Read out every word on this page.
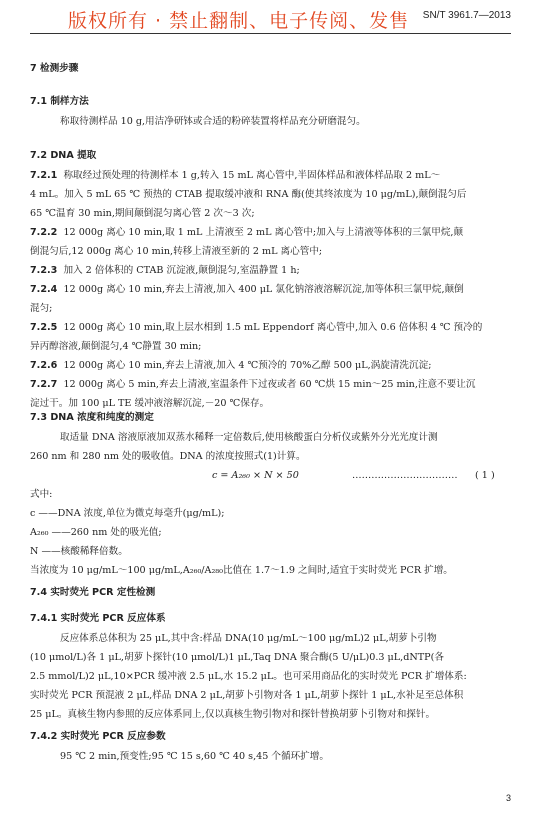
版权所有 · 禁止翻制、电子传阅、发售 SN/T 3961.7—2013
7 检测步骤
7.1 制样方法
称取待测样品 10 g,用洁净研钵或合适的粉碎装置将样品充分研磨混匀。
7.2 DNA 提取
7.2.1 称取经过预处理的待测样本 1 g,转入 15 mL 离心管中,半固体样品和液体样品取 2 mL～
4 mL。加入 5 mL 65 ℃ 预热的 CTAB 提取缓冲液和 RNA 酶(使其终浓度为 10 μg/mL),颠倒混匀后
65 ℃温育 30 min,期间颠倒混匀离心管 2 次～3 次;
7.2.2 12 000g 离心 10 min,取 1 mL 上清液至 2 mL 离心管中;加入与上清液等体积的三氯甲烷,颠
倒混匀后,12 000g 离心 10 min,转移上清液至新的 2 mL 离心管中;
7.2.3 加入 2 倍体积的 CTAB 沉淀液,颠倒混匀,室温静置 1 h;
7.2.4 12 000g 离心 10 min,弃去上清液,加入 400 μL 氯化钠溶液溶解沉淀,加等体积三氯甲烷,颠倒
混匀;
7.2.5 12 000g 离心 10 min,取上层水相到 1.5 mL Eppendorf 离心管中,加入 0.6 倍体积 4 ℃ 预冷的
异丙醇溶液,颠倒混匀,4 ℃静置 30 min;
7.2.6 12 000g 离心 10 min,弃去上清液,加入 4 ℃预冷的 70%乙醇 500 μL,涡旋清洗沉淀;
7.2.7 12 000g 离心 5 min,弃去上清液,室温条件下过夜或者 60 ℃烘 15 min～25 min,注意不要让沉
淀过干。加 100 μL TE 缓冲液溶解沉淀,－20 ℃保存。
7.3 DNA 浓度和纯度的测定
取适量 DNA 溶液原液加双蒸水稀释一定倍数后,使用核酸蛋白分析仪或紫外分光光度计测
260 nm 和 280 nm 处的吸收值。DNA 的浓度按照式(1)计算。
c = A₂₆₀ × N × 50	…………………………… ( 1 )
式中:
c ——DNA 浓度,单位为微克每毫升(μg/mL);
A₂₆₀ ——260 nm 处的吸光值;
N ——核酸稀释倍数。
当浓度为 10 μg/mL～100 μg/mL,A₂₆₀/A₂₈₀比值在 1.7～1.9 之间时,适宜于实时荧光 PCR 扩增。
7.4 实时荧光 PCR 定性检测
7.4.1 实时荧光 PCR 反应体系
反应体系总体积为 25 μL,其中含:样品 DNA(10 μg/mL～100 μg/mL)2 μL,胡萝卜引物
(10 μmol/L)各 1 μL,胡萝卜探针(10 μmol/L)1 μL,Taq DNA 聚合酶(5 U/μL)0.3 μL,dNTP(各
2.5 mmol/L)2 μL,10×PCR 缓冲液 2.5 μL,水 15.2 μL。也可采用商品化的实时荧光 PCR 扩增体系:
实时荧光 PCR 预混液 2 μL,样品 DNA 2 μL,胡萝卜引物对各 1 μL,胡萝卜探针 1 μL,水补足至总体积
25 μL。真核生物内参照的反应体系同上,仅以真核生物引物对和探针替换胡萝卜引物对和探针。
7.4.2 实时荧光 PCR 反应参数
95 ℃ 2 min,预变性;95 ℃ 15 s,60 ℃ 40 s,45 个循环扩增。
3
